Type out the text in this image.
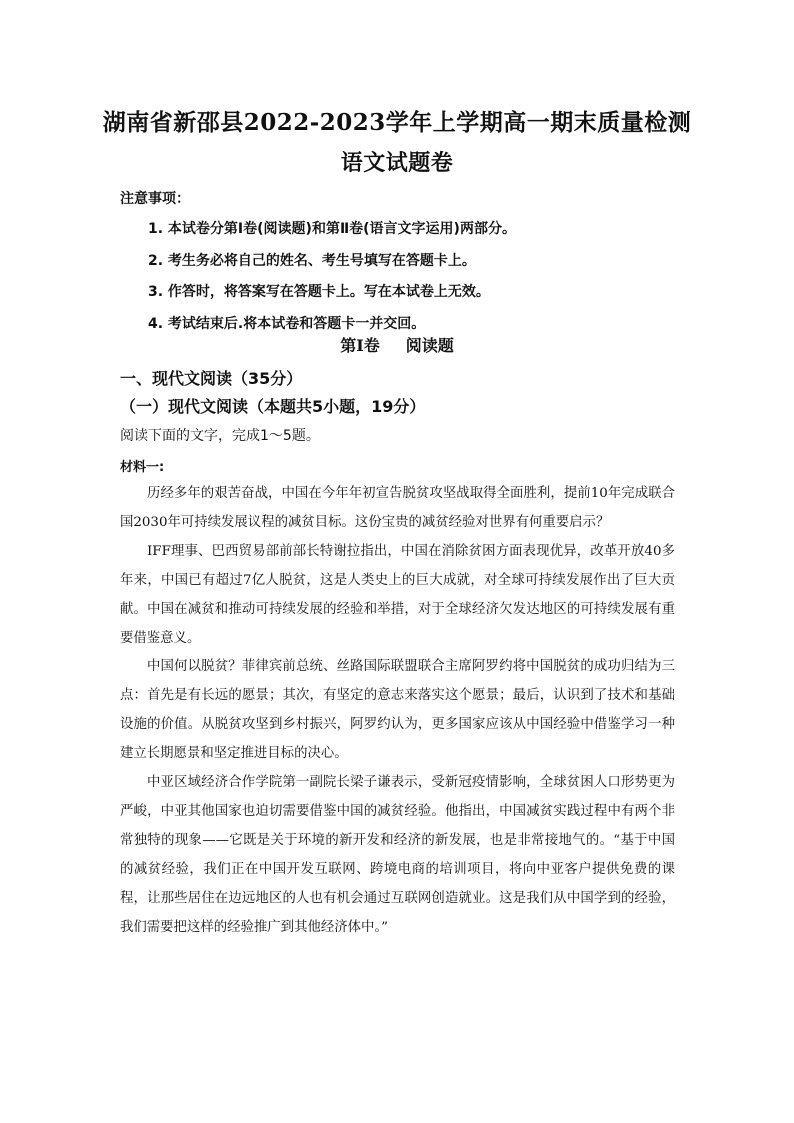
湖南省新邵县2022-2023学年上学期高一期末质量检测
语文试题卷
注意事项：
1. 本试卷分第Ⅰ卷(阅读题)和第Ⅱ卷(语言文字运用)两部分。
2. 考生务必将自己的姓名、考生号填写在答题卡上。
3. 作答时，将答案写在答题卡上。写在本试卷上无效。
4. 考试结束后.将本试卷和答题卡一并交回。
第Ⅰ卷 阅读题
一、现代文阅读（35分）
（一）现代文阅读（本题共5小题，19分）
阅读下面的文字，完成1～5题。
材料一:

历经多年的艰苦奋战，中国在今年年初宣告脱贫攻坚战取得全面胜利，提前10年完成联合国2030年可持续发展议程的减贫目标。这份宝贵的减贫经验对世界有何重要启示？

IFF理事、巴西贸易部前部长特谢拉指出，中国在消除贫困方面表现优异，改革开放40多年来，中国已有超过7亿人脱贫，这是人类史上的巨大成就，对全球可持续发展作出了巨大贡献。中国在减贫和推动可持续发展的经验和举措，对于全球经济欠发达地区的可持续发展有重要借鉴意义。

中国何以脱贫？菲律宾前总统、丝路国际联盟联合主席阿罗约将中国脱贫的成功归结为三点：首先是有长远的愿景；其次，有坚定的意志来落实这个愿景；最后，认识到了技术和基础设施的价值。从脱贫攻坚到乡村振兴，阿罗约认为，更多国家应该从中国经验中借鉴学习一种建立长期愿景和坚定推进目标的决心。

中亚区域经济合作学院第一副院长梁子谦表示，受新冠疫情影响，全球贫困人口形势更为严峻，中亚其他国家也迫切需要借鉴中国的减贫经验。他指出，中国减贫实践过程中有两个非常独特的现象——它既是关于环境的新开发和经济的新发展，也是非常接地气的。“基于中国的减贫经验，我们正在中国开发互联网、跨境电商的培训项目，将向中亚客户提供免费的课程，让那些居住在边远地区的人也有机会通过互联网创造就业。这是我们从中国学到的经验，我们需要把这样的经验推广到其他经济体中。”
